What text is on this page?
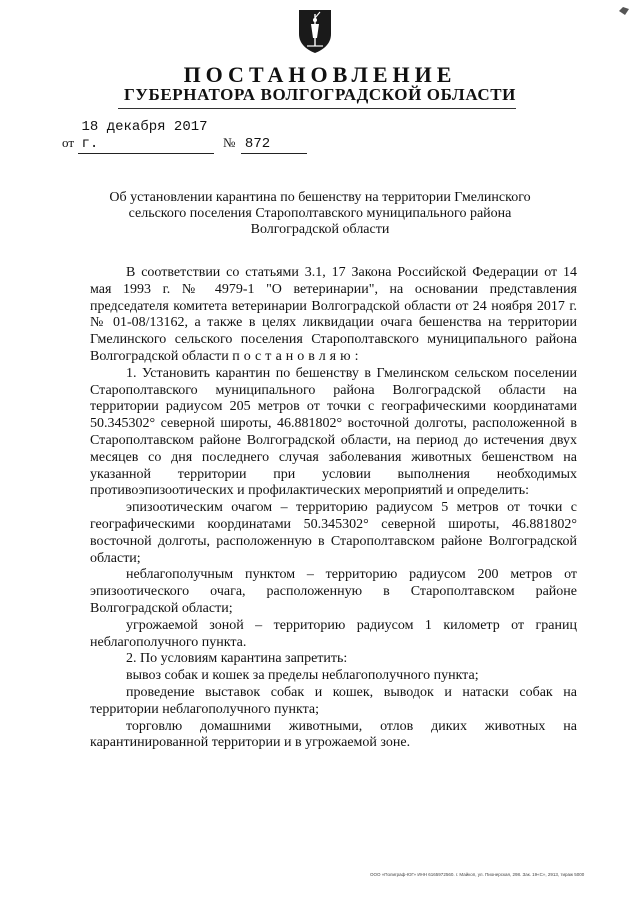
ПОСТАНОВЛЕНИЕ
ГУБЕРНАТОРА ВОЛГОГРАДСКОЙ ОБЛАСТИ
от 18 декабря 2017 г.	№ 872
Об установлении карантина по бешенству на территории Гмелинского
сельского поселения Старополтавского муниципального района
Волгоградской области

В соответствии со статьями 3.1, 17 Закона Российской Федерации от 14 мая 1993 г. № 4979-1 "О ветеринарии", на основании представления председателя комитета ветеринарии Волгоградской области от 24 ноября 2017 г. № 01-08/13162, а также в целях ликвидации очага бешенства на территории Гмелинского сельского поселения Старополтавского муниципального района Волгоградской области постановляю:

1. Установить карантин по бешенству в Гмелинском сельском поселении Старополтавского муниципального района Волгоградской области на территории радиусом 205 метров от точки с географическими координатами 50.345302° северной широты, 46.881802° восточной долготы, расположенной в Старополтавском районе Волгоградской области, на период до истечения двух месяцев со дня последнего случая заболевания животных бешенством на указанной территории при условии выполнения необходимых противоэпизоотических и профилактических мероприятий и определить:

эпизоотическим очагом – территорию радиусом 5 метров от точки с географическими координатами 50.345302° северной широты, 46.881802° восточной долготы, расположенную в Старополтавском районе Волгоградской области;

неблагополучным пунктом – территорию радиусом 200 метров от эпизоотического очага, расположенную в Старополтавском районе Волгоградской области;

угрожаемой зоной – территорию радиусом 1 километр от границ неблагополучного пункта.

2. По условиям карантина запретить:

вывоз собак и кошек за пределы неблагополучного пункта;

проведение выставок собак и кошек, выводок и натаски собак на территории неблагополучного пункта;

торговлю домашними животными, отлов диких животных на карантинированной территории и в угрожаемой зоне.

ООО «Полиграф-ЮГ» ИНН 6165972560. г. Майкоп, ул. Пионерская, 298. Зак. 19«С», 2913, тираж 5000
